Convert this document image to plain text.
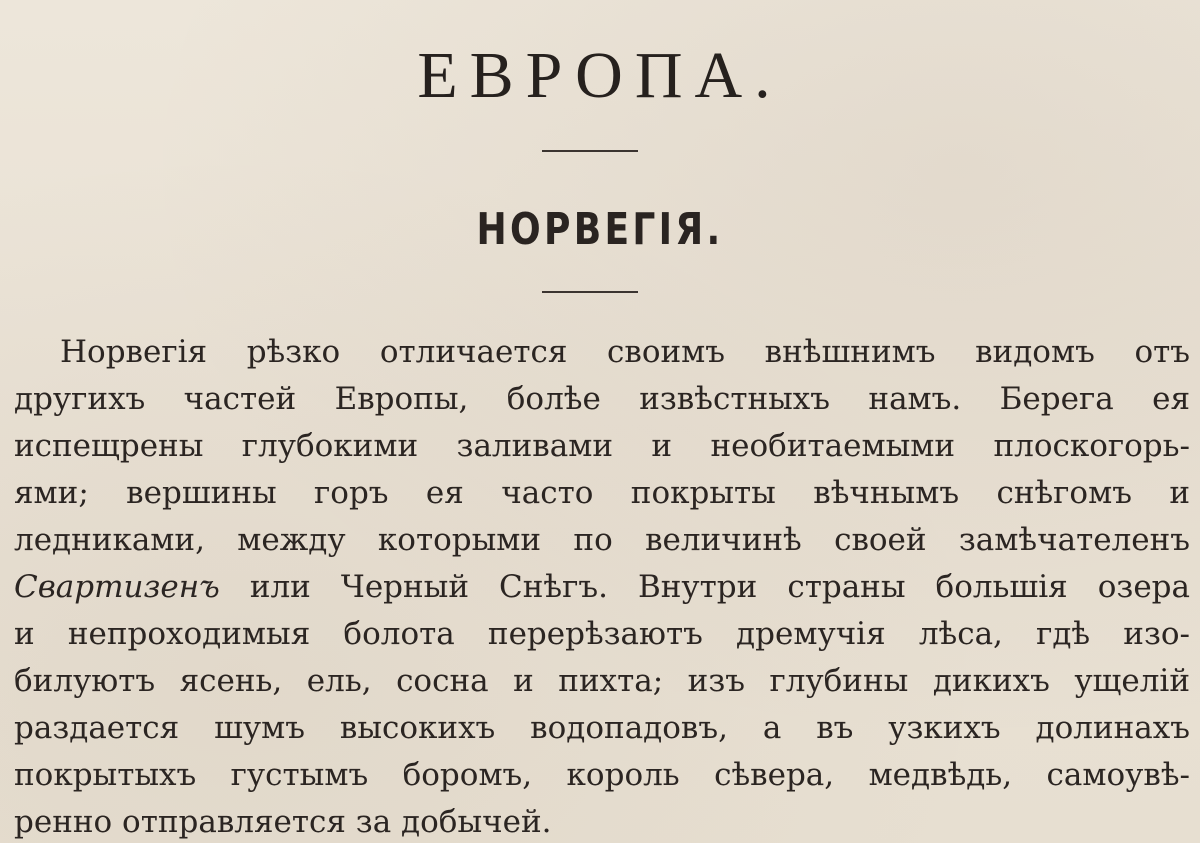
ЕВРОПА.
НОРВЕГIЯ.
Норвегія рѣзко отличается своимъ внѣшнимъ видомъ отъ
другихъ частей Европы, болѣе извѣстныхъ намъ. Берега ея
испещрены глубокими заливами и необитаемыми плоскогорь-
ями; вершины горъ ея часто покрыты вѣчнымъ снѣгомъ и
ледниками, между которыми по величинѣ своей замѣчателенъ
Свартизенъ или Черный Снѣгъ. Внутри страны большія озера
и непроходимыя болота перерѣзаютъ дремучія лѣса, гдѣ изо-
билуютъ ясень, ель, сосна и пихта; изъ глубины дикихъ ущелій
раздается шумъ высокихъ водопадовъ, а въ узкихъ долинахъ
покрытыхъ густымъ боромъ, король сѣвера, медвѣдь, самоувѣ-
ренно отправляется за добычей.
